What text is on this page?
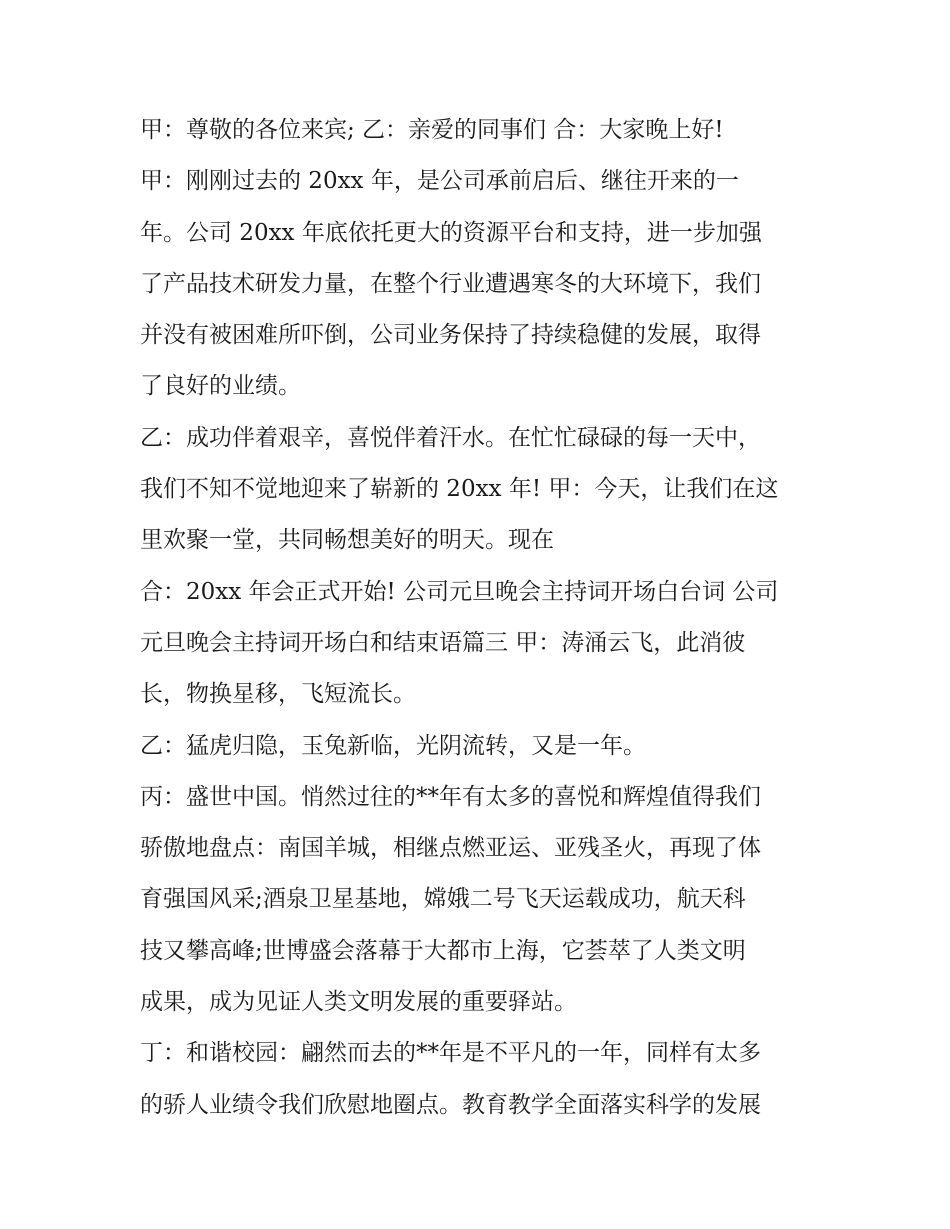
甲：尊敬的各位来宾; 乙：亲爱的同事们 合：大家晚上好!
甲：刚刚过去的 20xx 年，是公司承前启后、继往开来的一
年。公司 20xx 年底依托更大的资源平台和支持，进一步加强
了产品技术研发力量，在整个行业遭遇寒冬的大环境下，我们
并没有被困难所吓倒，公司业务保持了持续稳健的发展，取得
了良好的业绩。
乙：成功伴着艰辛，喜悦伴着汗水。在忙忙碌碌的每一天中，
我们不知不觉地迎来了崭新的 20xx 年! 甲：今天，让我们在这
里欢聚一堂，共同畅想美好的明天。现在
合：20xx 年会正式开始! 公司元旦晚会主持词开场白台词 公司
元旦晚会主持词开场白和结束语篇三 甲：涛涌云飞，此消彼
长，物换星移，飞短流长。
乙：猛虎归隐，玉兔新临，光阴流转，又是一年。
丙：盛世中国。悄然过往的**年有太多的喜悦和辉煌值得我们
骄傲地盘点：南国羊城，相继点燃亚运、亚残圣火，再现了体
育强国风采;酒泉卫星基地，嫦娥二号飞天运载成功，航天科
技又攀高峰;世博盛会落幕于大都市上海，它荟萃了人类文明
成果，成为见证人类文明发展的重要驿站。
丁：和谐校园：翩然而去的**年是不平凡的一年，同样有太多
的骄人业绩令我们欣慰地圈点。教育教学全面落实科学的发展
